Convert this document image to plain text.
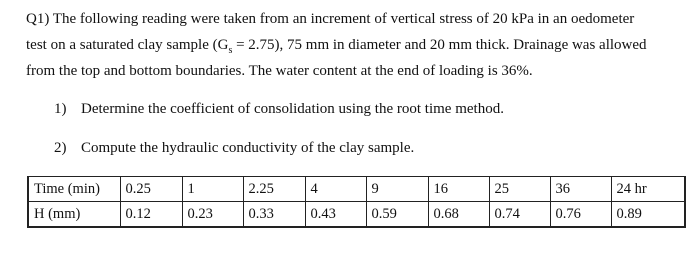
Q1) The following reading were taken from an increment of vertical stress of 20 kPa in an oedometer

test on a saturated clay sample $(G_s = 2.75)$, 75 mm in diameter and 20 mm thick. Drainage was allowed

from the top and bottom boundaries. The water content at the end of loading is 36%.

1) Determine the coefficient of consolidation using the root time method.
2) Compute the hydraulic conductivity of the clay sample.
Time (min)	0.25	1	2.25	4	9	16	25	36	24 hr
H (mm)	0.12	0.23	0.33	0.43	0.59	0.68	0.74	0.76	0.89
